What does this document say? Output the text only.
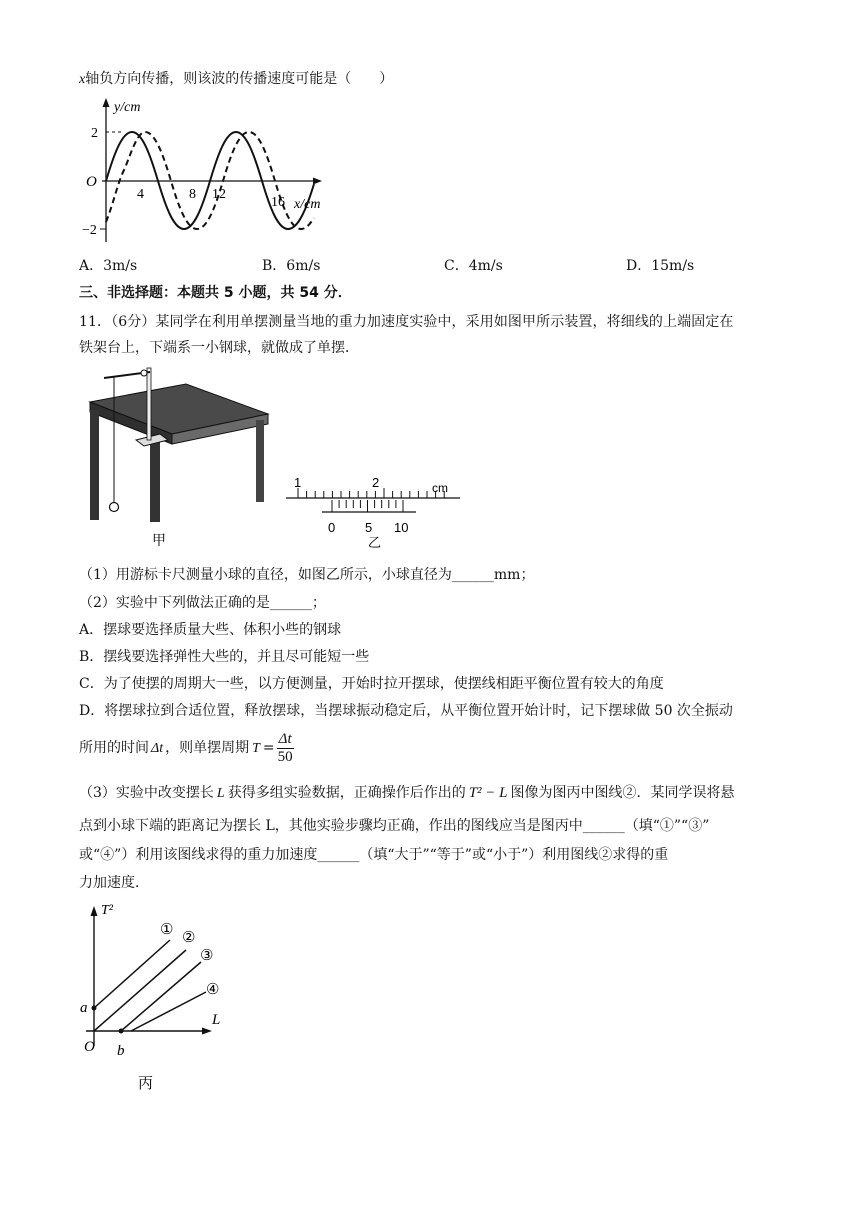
x轴负方向传播，则该波的传播速度可能是（　　）
y/cm
O
2
−2
4	8 12
16 x/cm
A．3m/s	B．6m/s	C．4m/s	D．15m/s
三、非选择题：本题共 5 小题，共 54 分．
11．（6分）某同学在利用单摆测量当地的重力加速度实验中，采用如图甲所示装置，将细线的上端固定在
铁架台上，下端系一小钢球，就做成了单摆．
甲
1	2	cm
0 5 10
乙
（1）用游标卡尺测量小球的直径，如图乙所示，小球直径为______mm；
（2）实验中下列做法正确的是______；
A．摆球要选择质量大些、体积小些的钢球
B．摆线要选择弹性大些的，并且尽可能短一些
C．为了使摆的周期大一些，以方便测量，开始时拉开摆球，使摆线相距平衡位置有较大的角度
D．将摆球拉到合适位置，释放摆球，当摆球振动稳定后，从平衡位置开始计时，记下摆球做 50 次全振动
所用的时间 Δt ，则单摆周期 $T = \frac{\Delta t}{50}$
（3）实验中改变摆长 L 获得多组实验数据，正确操作后作出的 T² − L 图像为图丙中图线②．某同学误将悬
点到小球下端的距离记为摆长 L，其他实验步骤均正确，作出的图线应当是图丙中______（填“①”“③”
或“④”）利用该图线求得的重力加速度______（填“大于”“等于”或“小于”）利用图线②求得的重
力加速度．
T²
L
O
a
b
① ②
③
④
丙
